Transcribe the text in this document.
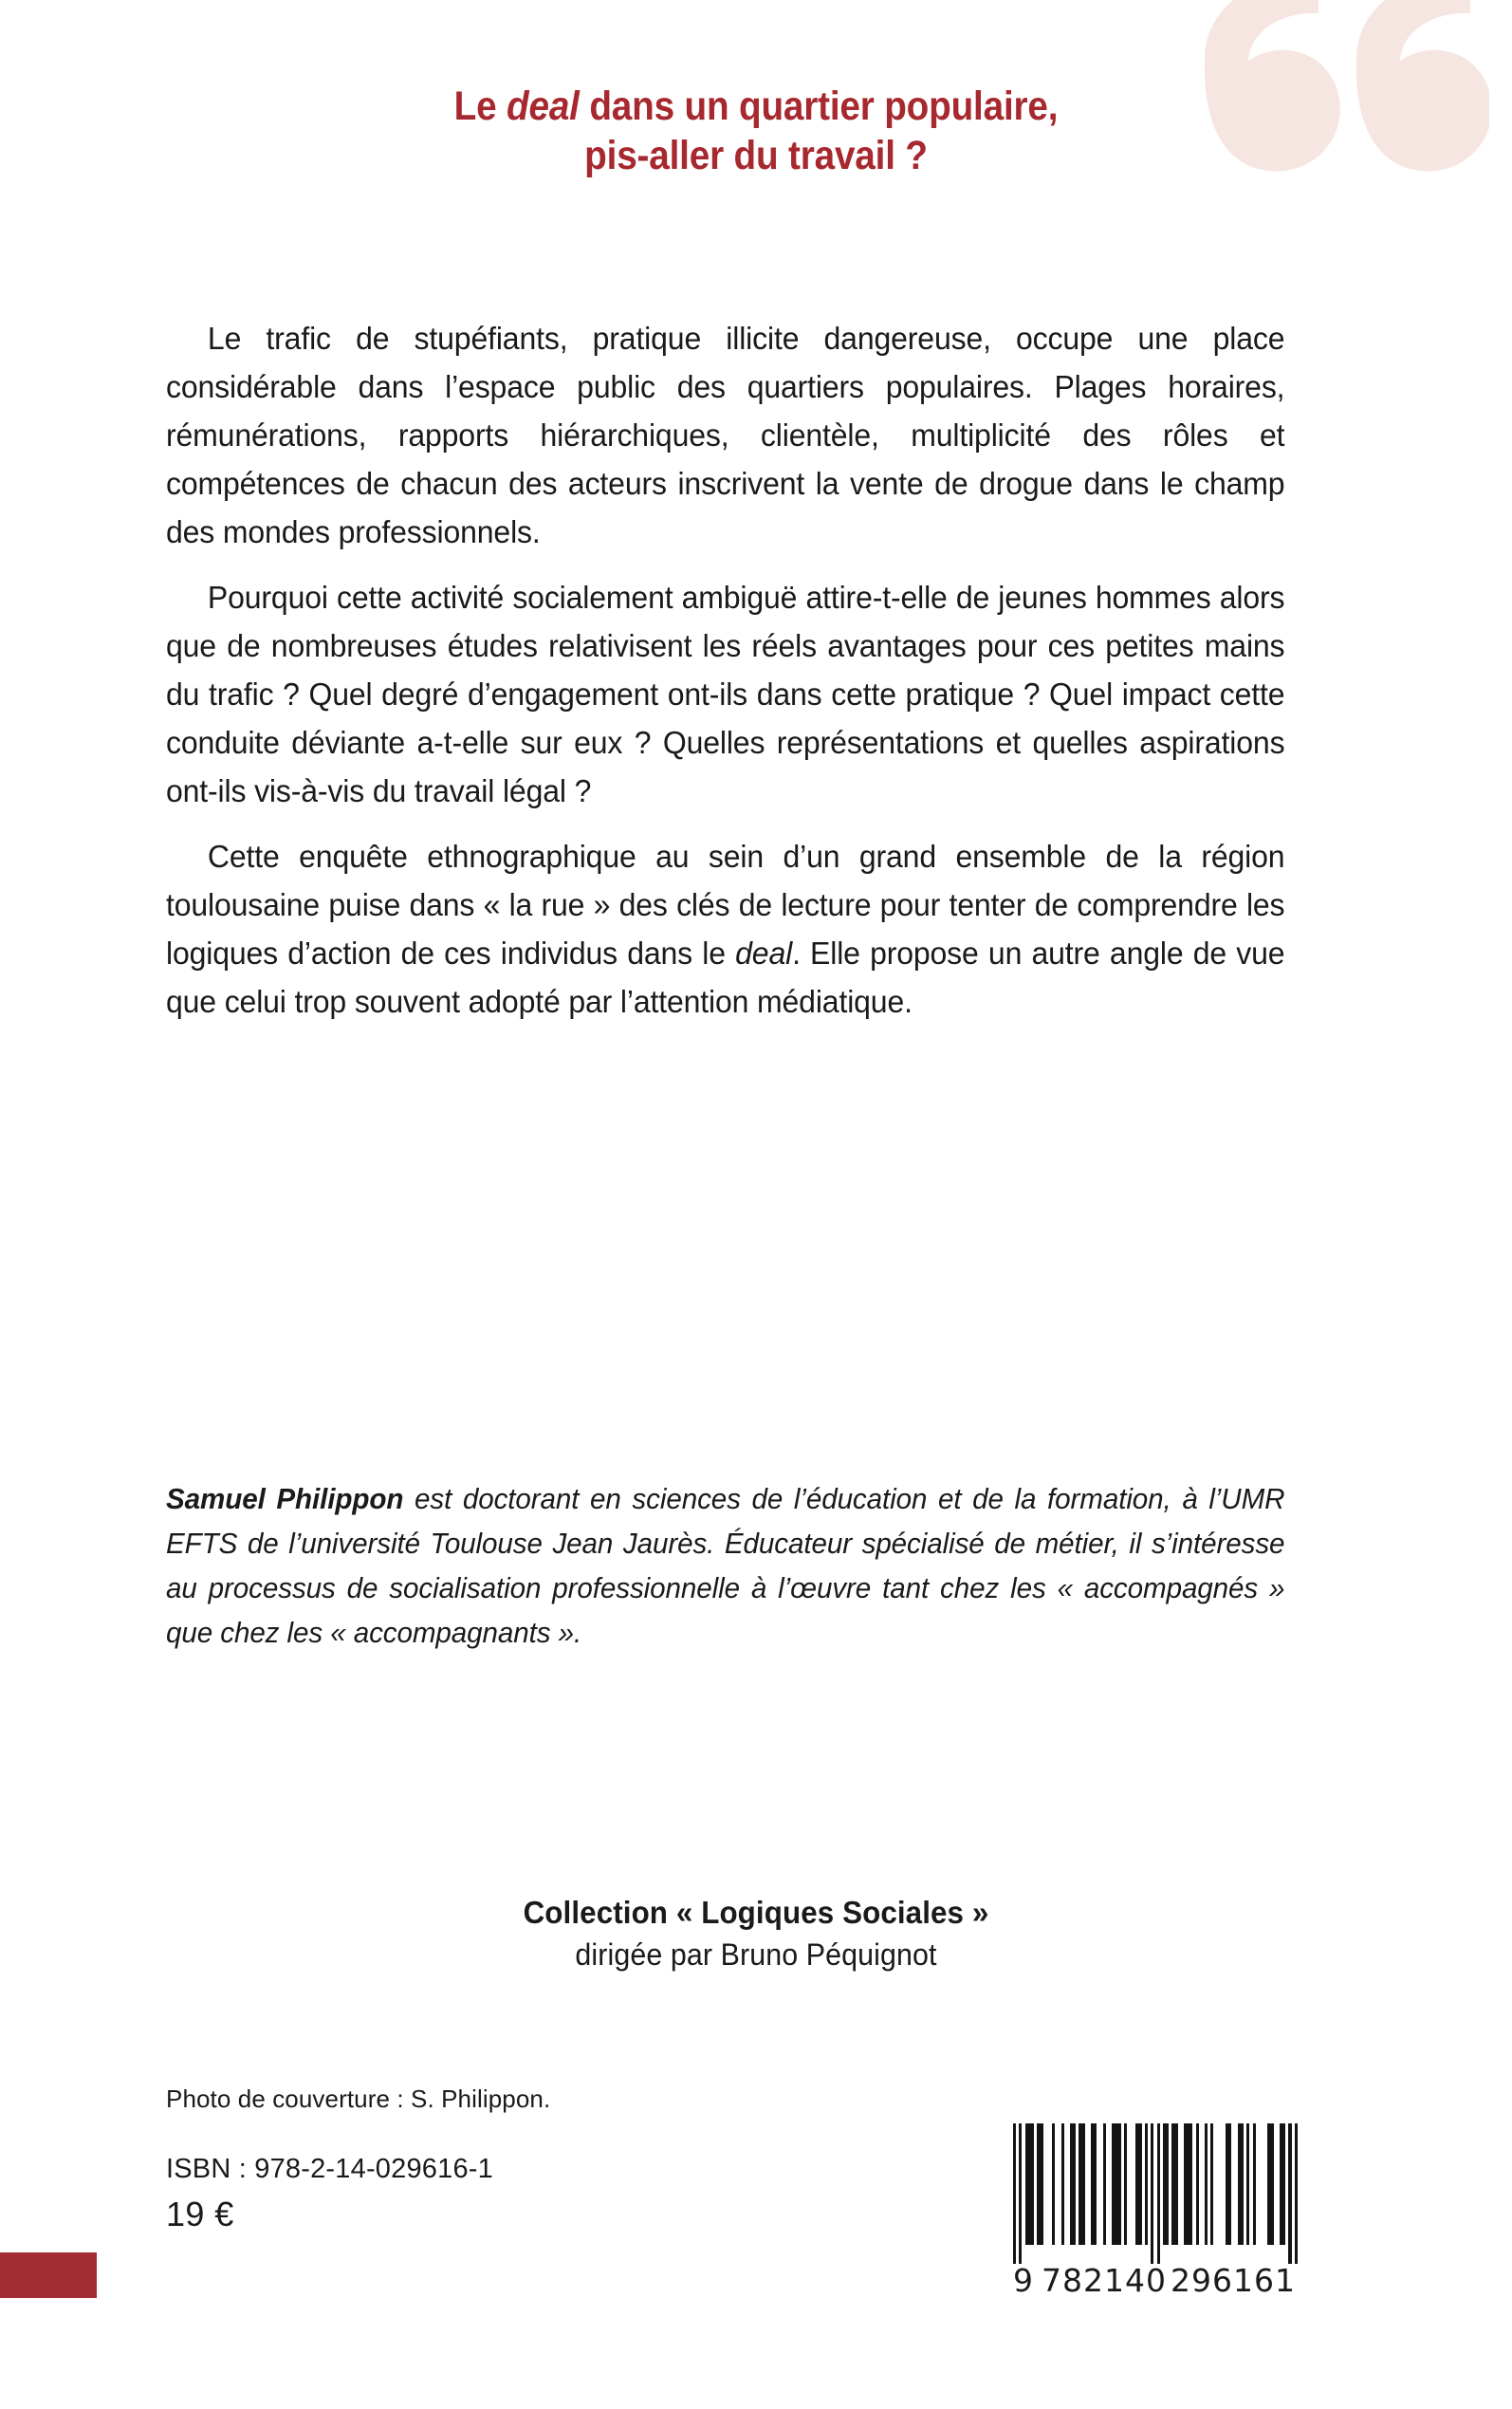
Le deal dans un quartier populaire,
pis-aller du travail ?

Le trafic de stupéfiants, pratique illicite dangereuse, occupe une place considérable dans l’espace public des quartiers populaires. Plages horaires, rémunérations, rapports hiérarchiques, clientèle, multiplicité des rôles et compétences de chacun des acteurs inscrivent la vente de drogue dans le champ des mondes professionnels.

Pourquoi cette activité socialement ambiguë attire-t-elle de jeunes hommes alors que de nombreuses études relativisent les réels avantages pour ces petites mains du trafic ? Quel degré d’engagement ont-ils dans cette pratique ? Quel impact cette conduite déviante a-t-elle sur eux ? Quelles représentations et quelles aspirations ont-ils vis-à-vis du travail légal ?

Cette enquête ethnographique au sein d’un grand ensemble de la région toulousaine puise dans « la rue » des clés de lecture pour tenter de comprendre les logiques d’action de ces individus dans le deal. Elle propose un autre angle de vue que celui trop souvent adopté par l’attention médiatique.

Samuel Philippon est doctorant en sciences de l’éducation et de la formation, à l’UMR EFTS de l’université Toulouse Jean Jaurès. Éducateur spécialisé de métier, il s’intéresse au processus de socialisation professionnelle à l’œuvre tant chez les « accompagnés » que chez les « accompagnants ».
Collection « Logiques Sociales »
dirigée par Bruno Péquignot

Photo de couverture : S. Philippon.

ISBN : 978-2-14-029616-1

19 €

9 782140 296161
